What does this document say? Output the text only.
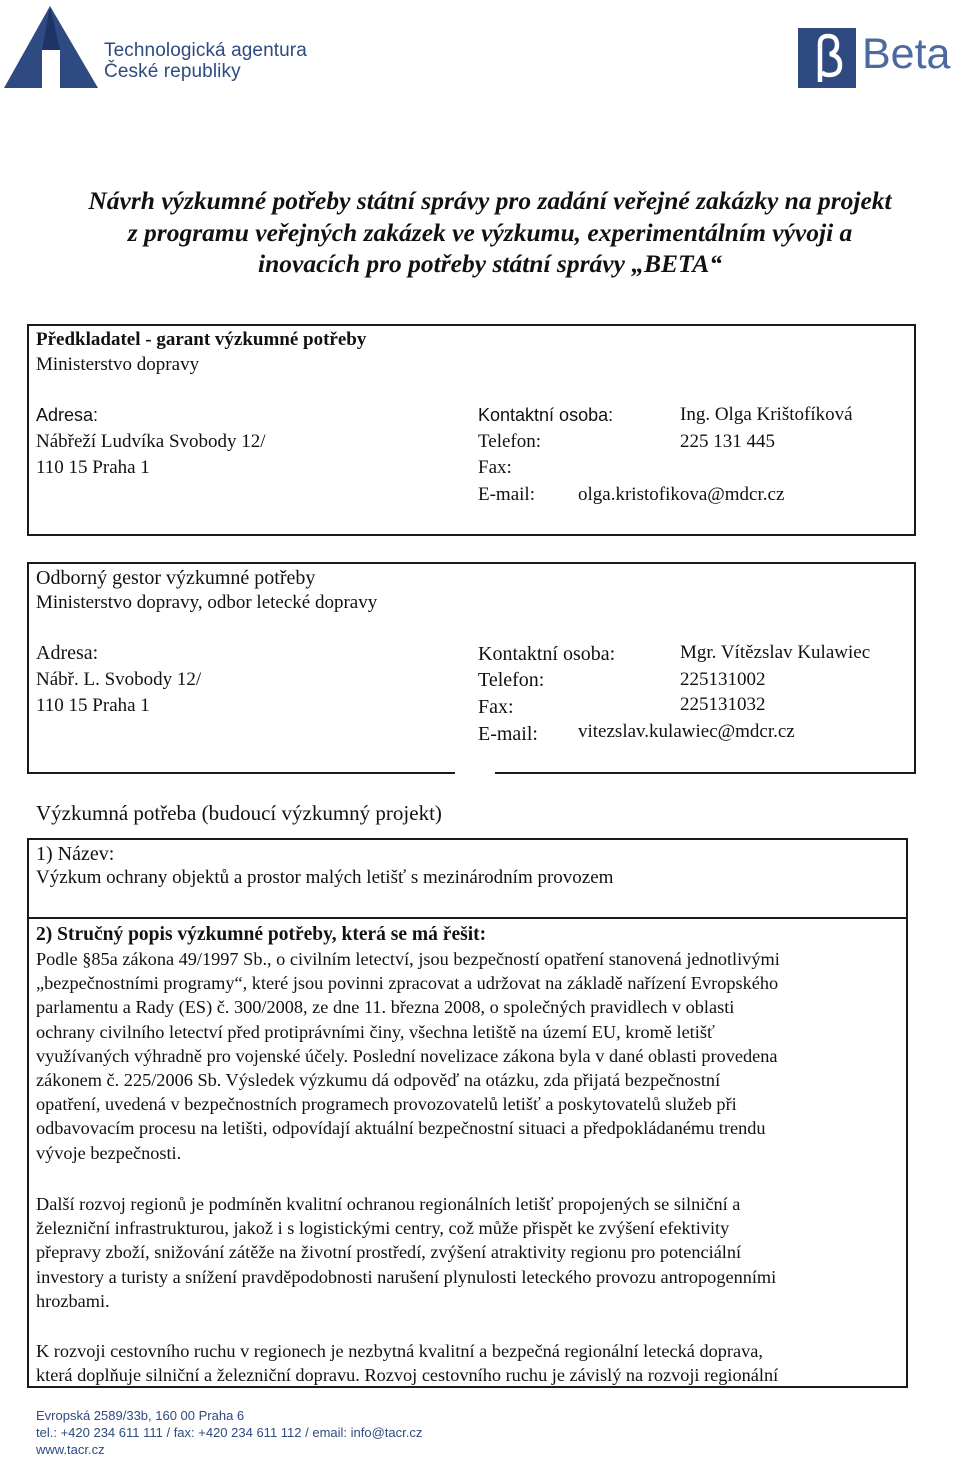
Technologická agentura
České republiky	Beta
Návrh výzkumné potřeby státní správy pro zadání veřejné zakázky na projekt
z programu veřejných zakázek ve výzkumu, experimentálním vývoji a
inovacích pro potřeby státní správy „BETA“
Předkladatel - garant výzkumné potřeby
Ministerstvo dopravy
Adresa:
Nábřeží Ludvíka Svobody 12/
110 15 Praha 1
Kontaktní osoba:	Ing. Olga Krištofíková
Telefon:	225 131 445
Fax:
E-mail: olga.kristofikova@mdcr.cz
Odborný gestor výzkumné potřeby
Ministerstvo dopravy, odbor letecké dopravy
Adresa:
Nábř. L. Svobody 12/
110 15 Praha 1
Kontaktní osoba:	Mgr. Vítězslav Kulawiec
Telefon:	225131002
Fax:	225131032
E-mail: vitezslav.kulawiec@mdcr.cz
Výzkumná potřeba (budoucí výzkumný projekt)
1) Název:
Výzkum ochrany objektů a prostor malých letišť s mezinárodním provozem
2) Stručný popis výzkumné potřeby, která se má řešit:
Podle §85a zákona 49/1997 Sb., o civilním letectví, jsou bezpečností opatření stanovená jednotlivými
„bezpečnostními programy“, které jsou povinni zpracovat a udržovat na základě nařízení Evropského
parlamentu a Rady (ES) č. 300/2008, ze dne 11. března 2008, o společných pravidlech v oblasti
ochrany civilního letectví před protiprávními činy, všechna letiště na území EU, kromě letišť
využívaných výhradně pro vojenské účely. Poslední novelizace zákona byla v dané oblasti provedena
zákonem č. 225/2006 Sb. Výsledek výzkumu dá odpověď na otázku, zda přijatá bezpečnostní
opatření, uvedená v bezpečnostních programech provozovatelů letišť a poskytovatelů služeb při
odbavovacím procesu na letišti, odpovídají aktuální bezpečnostní situaci a předpokládanému trendu
vývoje bezpečnosti.
Další rozvoj regionů je podmíněn kvalitní ochranou regionálních letišť propojených se silniční a
železniční infrastrukturou, jakož i s logistickými centry, což může přispět ke zvýšení efektivity
přepravy zboží, snižování zátěže na životní prostředí, zvýšení atraktivity regionu pro potenciální
investory a turisty a snížení pravděpodobnosti narušení plynulosti leteckého provozu antropogenními
hrozbami.
K rozvoji cestovního ruchu v regionech je nezbytná kvalitní a bezpečná regionální letecká doprava,
která doplňuje silniční a železniční dopravu. Rozvoj cestovního ruchu je závislý na rozvoji regionální
Evropská 2589/33b, 160 00 Praha 6
tel.: +420 234 611 111 / fax: +420 234 611 112 / email: info@tacr.cz
www.tacr.cz
